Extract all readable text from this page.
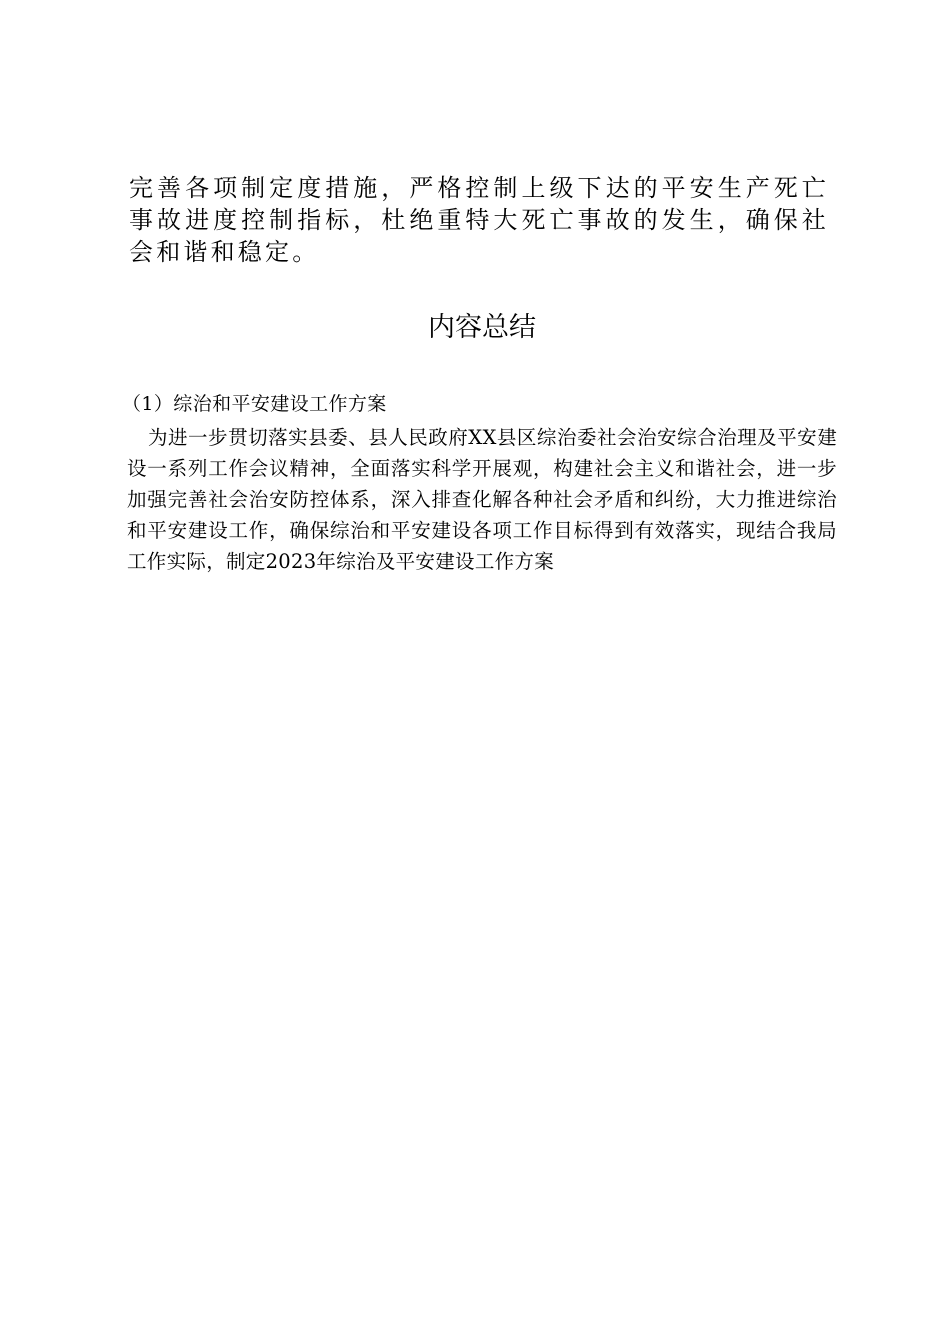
完善各项制定度措施，严格控制上级下达的平安生产死亡事故进度控制指标，杜绝重特大死亡事故的发生，确保社会和谐和稳定。

内容总结

（1）综治和平安建设工作方案

为进一步贯切落实县委、县人民政府XX县区综治委社会治安综合治理及平安建设一系列工作会议精神，全面落实科学开展观，构建社会主义和谐社会，进一步加强完善社会治安防控体系，深入排查化解各种社会矛盾和纠纷，大力推进综治和平安建设工作，确保综治和平安建设各项工作目标得到有效落实，现结合我局工作实际，制定2023年综治及平安建设工作方案
